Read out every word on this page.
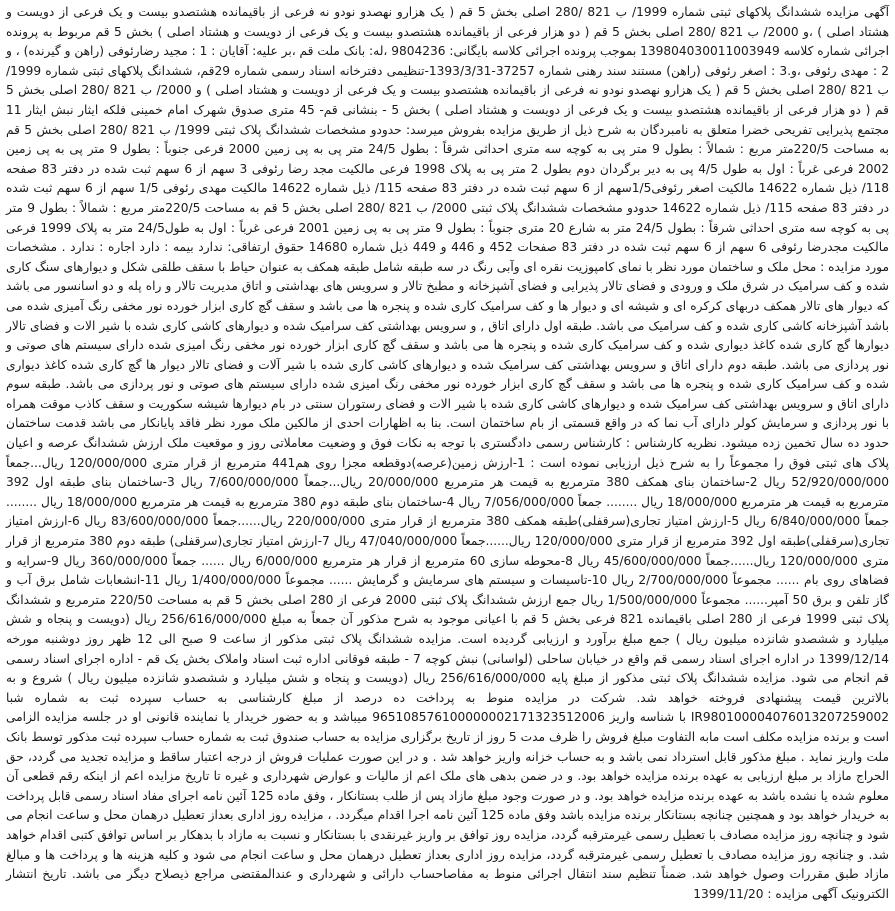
آگهی مزایده ششدانگ پلاکهای ثبتی شماره 1999/ ب 821 /280 اصلی بخش 5 قم ( یک هزارو نهصدو نودو نه فرعی از باقیمانده هشتصدو بیست و یک فرعی از دویست و هشتاد اصلی ) ،و 2000/ ب 821 /280 اصلی بخش 5 قم ( دو هزار فرعی از باقیمانده هشتصدو بیست و یک فرعی از دویست و هشتاد اصلی ) بخش 5 قم مربوط به پرونده اجرائی شماره کلاسه 139804030011003949 بموجب پرونده اجرائی کلاسه بایگانی: 9804236 ،له: بانک ملت قم ،بر علیه: آقایان : 1 : مجید رضارئوفی (راهن و گیرنده) ، و 2 : مهدی رئوفی ،و.3 : اصغر رئوفی (راهن) مستند سند رهنی شماره 37257-1393/3/31-تنظیمی دفترخانه اسناد رسمی شماره 29قم، ششدانگ پلاکهای ثبتی شماره 1999/ ب 821 /280 اصلی بخش 5 قم ( یک هزارو نهصدو نودو نه فرعی از باقیمانده هشتصدو بیست و یک فرعی از دویست و هشتاد اصلی ) و 2000/ ب 821 /280 اصلی بخش 5 قم ( دو هزار فرعی از باقیمانده هشتصدو بیست و یک فرعی از دویست و هشتاد اصلی ) بخش 5 - بنشانی قم- 45 متری صدوق شهرک امام خمینی فلکه ایثار نبش ایثار 11 مجتمع پذیرایی تفریحی خضرا متعلق به نامبردگان به شرح ذیل از طریق مزایده بفروش میرسد: حدودو مشخصات ششدانگ پلاک ثبتی 1999/ ب 821 /280 اصلی بخش 5 قم به مساحت 220/5متر مربع : شمالاً : بطول 9 متر پی به کوچه سه متری احداثی شرقاً : بطول 24/5 متر پی به پی زمین 2000 فرعی جنوباً : بطول 9 متر پی به پی زمین 2002 فرعی غرباً : اول به طول 4/5 پی به دیر برگردان دوم بطول 2 متر پی به پلاک 1998 فرعی مالکیت مجد رضا رئوفی 3 سهم از 6 سهم ثبت شده در دفتر 83 صفحه 118/ ذیل شماره 14622 مالکیت اصغر رئوفی1/5سهم از 6 سهم ثبت شده در دفتر 83 صفحه 115/ ذیل شماره 14622 مالکیت مهدی رئوفی 1/5 سهم از 6 سهم ثبت شده در دفتر 83 صفحه 115/ ذیل شماره 14622 حدودو مشخصات ششدانگ پلاک ثبتی 2000/ ب 821 /280 اصلی بخش 5 قم به مساحت 220/5متر مربع : شمالاً : بطول 9 متر پی به کوچه سه متری احداثی شرقاً : بطول 24/5 متر به شارع 20 متری جنوباً : بطول 9 متر پی به پی زمین 2001 فرعی غرباً : اول به طول24/5 متر به پلاک 1999 فرعی مالکیت مجدرضا رئوفی 6 سهم از 6 سهم ثبت شده در دفتر 83 صفحات 452 و 446 و 449 ذیل شماره 14680 حقوق ارتفاقی: ندارد بیمه : دارد اجاره : ندارد . مشخصات مورد مزایده : محل ملک و ساختمان مورد نظر با نمای کامپوزیت نقره ای وآبی رنگ در سه طبقه شامل طبقه همکف به عنوان حیاط با سقف طلقی شکل و دیوارهای سنگ کاری شده و کف سرامیک در شرق ملک و ورودی و فضای تالار پذیرایی و فضای آشپزخانه و مطبخ تالار و سرویس های بهداشتی و اتاق مدیریت تالار و راه پله و دو اسانسور می باشد که دیوار های تالار همکف دربهای کرکره ای و شیشه ای و دیوار ها و کف سرامیک کاری شده و پنجره ها می باشد و سقف گچ کاری ابزار خورده نور مخفی رنگ آمیزی شده می باشد آشپزخانه کاشی کاری شده و کف سرامیک می باشد. طبقه اول دارای اتاق , و سرویس بهداشتی کف سرامیک شده و دیوارهای کاشی کاری شده با شیر الات و فضای تالار دیوارها گچ کاری شده کاغذ دیواری شده و کف سرامیک کاری شده و پنجره ها می باشد و سقف گچ کاری ابزار خورده نور مخفی رنگ امیزی شده دارای سیستم های صوتی و نور پردازی می باشد. طبقه دوم دارای اتاق و سرویس بهداشتی کف سرامیک شده و دیوارهای کاشی کاری شده با شیر آلات و فضای تالار دیوار ها گچ کاری شده کاغذ دیواری شده و کف سرامیک کاری شده و پنجره ها می باشد و سقف گچ کاری ابزار خورده نور مخفی رنگ امیزی شده دارای سیستم های صوتی و نور پردازی می باشد. طبقه سوم دارای اتاق و سرویس بهداشتی کف سرامیک شده و دیوارهای کاشی کاری شده با شیر الات و فضای رستوران سنتی در بام دیوارها شیشه سکوریت و سقف کاذب موقت همراه با نور پردازی و سرمایش کولر دارای آب نما که در واقع قسمتی از بام ساختمان است. بنا به اظهارات احدی از مالکین ملک مورد نظر فاقد پایانکار می باشد قدمت ساختمان حدود ده سال تخمین زده میشود. نظریه کارشناس : کارشناس رسمی دادگستری با توجه به نکات فوق و وضعیت معاملاتی روز و موقعیت ملک ارزش ششدانگ عرصه و اعیان پلاک های ثبتی فوق را مجموعاً را به شرح ذیل ارزیابی نموده است : 1-ارزش زمین(عرصه)دوقطعه مجزا روی هم441 مترمربع از قرار متری 120/000/000 ریال...جمعاً 52/920/000/000 ریال 2-ساختمان بنای همکف 380 مترمربع به قیمت هر مترمربع 20/000/000 ریال...جمعاً 7/600/000/000 ریال 3-ساختمان بنای طبقه اول 392 مترمربع به قیمت هر مترمربع 18/000/000 ریال ........ جمعاً 7/056/000/000 ریال 4-ساختمان بنای طبقه دوم 380 مترمربع به قیمت هر مترمربع 18/000/000 ریال ........ جمعاً 6/840/000/000 ریال 5-ارزش امتیاز تجاری(سرقفلی)طبقه همکف 380 مترمربع از قرار متری 220/000/000 ریال......جمعاً 83/600/000/000 ریال 6-ارزش امتیاز تجاری(سرقفلی)طبقه اول 392 مترمربع از قرار متری 120/000/000 ریال......جمعاً 47/040/000/000 ریال 7-ارزش امتیاز تجاری(سرقفلی) طبقه دوم 380 مترمربع از قرار متری 120/000/000 ریال......جمعاً 45/600/000/000 ریال 8-محوطه سازی 60 مترمربع از قرار هر مترمربع 6/000/000 ریال ...... جمعاً 360/000/000 ریال 9-سرایه و فضاهای روی بام ...... مجموعاً 2/700/000/000 ریال 10-تاسیسات و سیستم های سرمایش و گرمایش ...... مجموعاً 1/400/000/000 ریال 11-انشعابات شامل برق آب و گاز تلفن و برق 50 آمپر...... مجموعاً 1/500/000/000 ریال جمع ارزش ششدانگ پلاک ثبتی 2000 فرعی از 280 اصلی بخش 5 قم به مساحت 220/50 مترمربع و ششدانگ پلاک ثبتی 1999 فرعی از 280 اصلی باقیمانده 821 فرعی بخش 5 قم با اعیانی موجود به شرح مذکور آن جمعاً به مبلغ 256/616/000/000 ریال (دویست و پنجاه و شش میلیارد و ششصدو شانزده میلیون ریال ) جمع مبلغ برآورد و ارزیابی گردیده است. مزایده ششدانگ پلاک ثبتی مذکور از ساعت 9 صبح الی 12 ظهر روز دوشنبه مورخه 1399/12/14 در اداره اجرای اسناد رسمی قم واقع در خیابان ساحلی (لواسانی) نبش کوچه 7 - طبقه فوقانی اداره ثبت اسناد واملاک بخش یک قم - اداره اجرای اسناد رسمی قم انجام می شود. مزایده ششدانگ پلاک ثبتی مذکور از مبلغ پایه 256/616/000/000 ریال (دویست و پنجاه و شش میلیارد و ششصدو شانزده میلیون ریال ) شروع و به بالاترین قیمت پیشنهادی فروخته خواهد شد. شرکت در مزایده منوط به پرداخت ده درصد از مبلغ کارشناسی به حساب سپرده ثبت به شماره شبا IR980100004076013207259002 با شناسه واریز 965108576100000002171323512006 میباشد و به حضور خریدار یا نماینده قانونی او در جلسه مزایده الزامی است و برنده مزایده مکلف است مابه التفاوت مبلغ فروش را ظرف مدت 5 روز از تاریخ برگزاری مزایده به حساب صندوق ثبت به شماره حساب سپرده ثبت مذکور توسط بانک ملت واریز نماید . مبلغ مذکور قابل استرداد نمی باشد و به حساب خزانه واریز خواهد شد . و در این صورت عملیات فروش از درجه اعتبار ساقط و مزایده تجدید می گردد، حق الحراج مازاد بر مبلغ ارزیابی به عهده برنده مزایده خواهد بود. و در ضمن بدهی های ملک اعم از مالیات و عوارض شهرداری و غیره تا تاریخ مزایده اعم از اینکه رقم قطعی آن معلوم شده یا نشده باشد به عهده برنده مزایده خواهد بود. و در صورت وجود مبلغ مازاد پس از طلب بستانکار ، وفق ماده 125 آئین نامه اجرای مفاد اسناد رسمی قابل پرداخت به خریدار خواهد بود و همچنین چنانچه بستانکار برنده مزایده باشد وفق ماده 125 آئین نامه اجرا اقدام میگردد. ، مزایده روز اداری بعداز تعطیل درهمان محل و ساعت انجام می شود و چنانچه روز مزایده مصادف با تعطیل رسمی غیرمترقبه گردد، مزایده روز توافق بر واریز غیرنقدی با بستانکار و نسبت به مازاد با بدهکار بر اساس توافق کتبی اقدام خواهد شد. و چنانچه روز مزایده مصادف با تعطیل رسمی غیرمترقبه گردد، مزایده روز اداری بعداز تعطیل درهمان محل و ساعت انجام می شود و کلیه هزینه ها و پرداخت ها و مبالغ مازاد طبق مقررات وصول خواهد شد. ضمناً تنظیم سند انتقال اجرائی منوط به مفاصاحساب دارائی و شهرداری و عندالمقتضی مراجع ذیصلاح دیگر می باشد. تاریخ انتشار الکترونیک آگهی مزایده : 1399/11/20
